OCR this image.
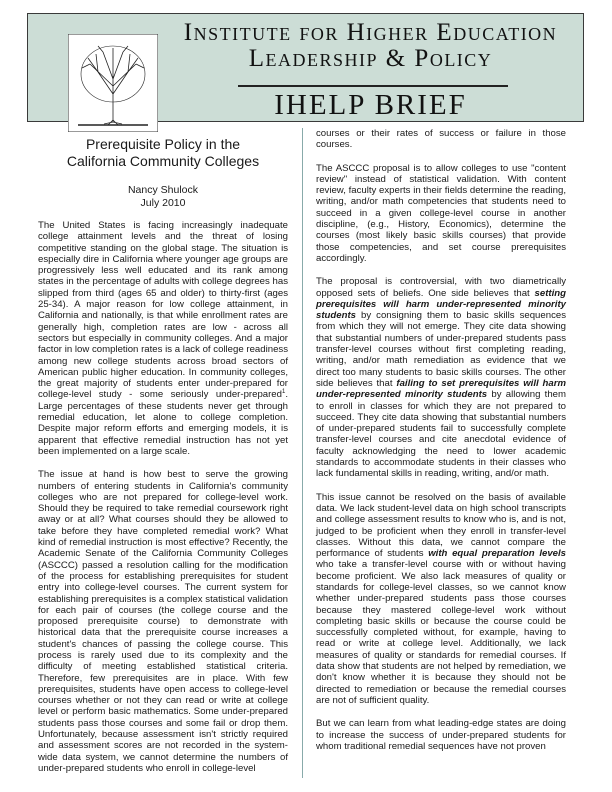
Institute for Higher Education
Leadership & Policy
IHELP BRIEF
Prerequisite Policy in the
California Community Colleges
Nancy Shulock
July 2010

The United States is facing increasingly inadequate college attainment levels and the threat of losing competitive standing on the global stage. The situation is especially dire in California where younger age groups are progressively less well educated and its rank among states in the percentage of adults with college degrees has slipped from third (ages 65 and older) to thirty-first (ages 25-34). A major reason for low college attainment, in California and nationally, is that while enrollment rates are generally high, completion rates are low - across all sectors but especially in community colleges. And a major factor in low completion rates is a lack of college readiness among new college students across broad sectors of American public higher education. In community colleges, the great majority of students enter under-prepared for college-level study - some seriously under-prepared$^1$. Large percentages of these students never get through remedial education, let alone to college completion. Despite major reform efforts and emerging models, it is apparent that effective remedial instruction has not yet been implemented on a large scale.

The issue at hand is how best to serve the growing numbers of entering students in California's community colleges who are not prepared for college-level work. Should they be required to take remedial coursework right away or at all? What courses should they be allowed to take before they have completed remedial work? What kind of remedial instruction is most effective? Recently, the Academic Senate of the California Community Colleges (ASCCC) passed a resolution calling for the modification of the process for establishing prerequisites for student entry into college-level courses. The current system for establishing prerequisites is a complex statistical validation for each pair of courses (the college course and the proposed prerequisite course) to demonstrate with historical data that the prerequisite course increases a student's chances of passing the college course. This process is rarely used due to its complexity and the difficulty of meeting established statistical criteria. Therefore, few prerequisites are in place. With few prerequisites, students have open access to college-level courses whether or not they can read or write at college level or perform basic mathematics. Some under-prepared students pass those courses and some fail or drop them. Unfortunately, because assessment isn't strictly required and assessment scores are not recorded in the system-wide data system, we cannot determine the numbers of under-prepared students who enroll in college-level

courses or their rates of success or failure in those courses.

The ASCCC proposal is to allow colleges to use "content review" instead of statistical validation. With content review, faculty experts in their fields determine the reading, writing, and/or math competencies that students need to succeed in a given college-level course in another discipline, (e.g., History, Economics), determine the courses (most likely basic skills courses) that provide those competencies, and set course prerequisites accordingly.

The proposal is controversial, with two diametrically opposed sets of beliefs. One side believes that setting prerequisites will harm under-represented minority students by consigning them to basic skills sequences from which they will not emerge. They cite data showing that substantial numbers of under-prepared students pass transfer-level courses without first completing reading, writing, and/or math remediation as evidence that we direct too many students to basic skills courses. The other side believes that failing to set prerequisites will harm under-represented minority students by allowing them to enroll in classes for which they are not prepared to succeed. They cite data showing that substantial numbers of under-prepared students fail to successfully complete transfer-level courses and cite anecdotal evidence of faculty acknowledging the need to lower academic standards to accommodate students in their classes who lack fundamental skills in reading, writing, and/or math.

This issue cannot be resolved on the basis of available data. We lack student-level data on high school transcripts and college assessment results to know who is, and is not, judged to be proficient when they enroll in transfer-level classes. Without this data, we cannot compare the performance of students with equal preparation levels who take a transfer-level course with or without having become proficient. We also lack measures of quality or standards for college-level classes, so we cannot know whether under-prepared students pass those courses because they mastered college-level work without completing basic skills or because the course could be successfully completed without, for example, having to read or write at college level. Additionally, we lack measures of quality or standards for remedial courses. If data show that students are not helped by remediation, we don't know whether it is because they should not be directed to remediation or because the remedial courses are not of sufficient quality.

But we can learn from what leading-edge states are doing to increase the success of under-prepared students for whom traditional remedial sequences have not proven
